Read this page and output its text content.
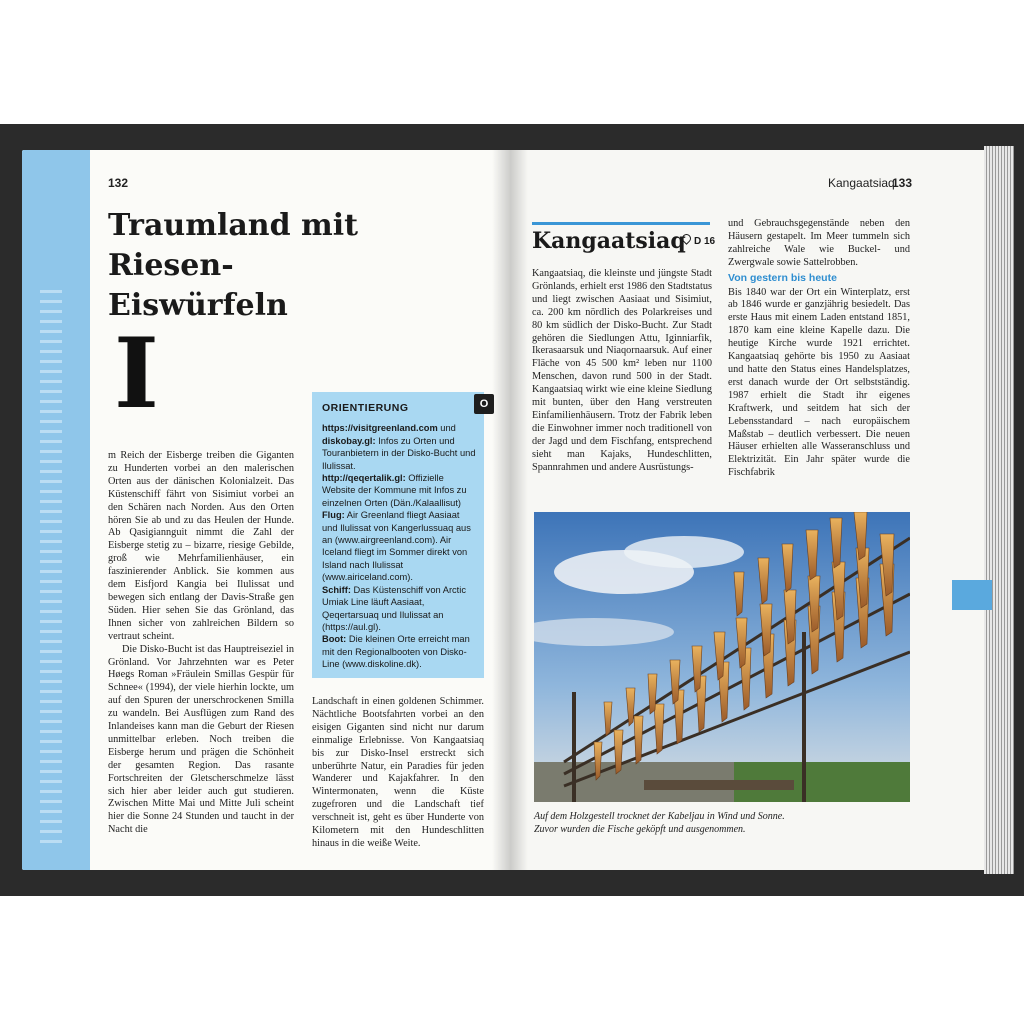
132
Traumland mit Riesen-
Eiswürfeln
I

m Reich der Eisberge treiben die Giganten zu Hunderten vorbei an den malerischen Orten aus der dänischen Kolonialzeit. Das Küstenschiff fährt von Sisimiut vorbei an den Schären nach Norden. Aus den Orten hören Sie ab und zu das Heulen der Hunde. Ab Qasigiannguit nimmt die Zahl der Eisberge stetig zu – bizarre, riesige Gebilde, groß wie Mehrfamilienhäuser, ein faszinierender Anblick. Sie kommen aus dem Eisfjord Kangia bei Ilulissat und bewegen sich entlang der Davis-Straße gen Süden. Hier sehen Sie das Grönland, das Ihnen sicher von zahlreichen Bildern so vertraut scheint.

Die Disko-Bucht ist das Hauptreiseziel in Grönland. Vor Jahrzehnten war es Peter Høegs Roman »Fräulein Smillas Gespür für Schnee« (1994), der viele hierhin lockte, um auf den Spuren der unerschrockenen Smilla zu wandeln. Bei Ausflügen zum Rand des Inlandeises kann man die Geburt der Riesen unmittelbar erleben. Noch treiben die Eisberge herum und prägen die Schönheit der gesamten Region. Das rasante Fortschreiten der Gletscherschmelze lässt sich hier aber leider auch gut studieren. Zwischen Mitte Mai und Mitte Juli scheint hier die Sonne 24 Stunden und taucht in der Nacht die

O
ORIENTIERUNG

https://visitgreenland.com und diskobay.gl: Infos zu Orten und Touranbietern in der Disko-Bucht und Ilulissat.

http://qeqertalik.gl: Offizielle Website der Kommune mit Infos zu einzelnen Orten (Dän./Kalaallisut)

Flug: Air Greenland fliegt Aasiaat und Ilulissat von Kangerlussuaq aus an (www.airgreenland.com). Air Iceland fliegt im Sommer direkt von Island nach Ilulissat (www.airiceland.com).

Schiff: Das Küstenschiff von Arctic Umiak Line läuft Aasiaat, Qeqertarsuaq und Ilulissat an (https://aul.gl).

Boot: Die kleinen Orte erreicht man mit den Regionalbooten von Disko-Line (www.diskoline.dk).

Landschaft in einen goldenen Schimmer. Nächtliche Bootsfahrten vorbei an den eisigen Giganten sind nicht nur darum einmalige Erlebnisse. Von Kangaatsiaq bis zur Disko-Insel erstreckt sich unberührte Natur, ein Paradies für jeden Wanderer und Kajakfahrer. In den Wintermonaten, wenn die Küste zugefroren und die Landschaft tief verschneit ist, geht es über Hunderte von Kilometern mit den Hundeschlitten hinaus in die weiße Weite.

Kangaatsiaq
133
Kangaatsiaq D 16

Kangaatsiaq, die kleinste und jüngste Stadt Grönlands, erhielt erst 1986 den Stadtstatus und liegt zwischen Aasiaat und Sisimiut, ca. 200 km nördlich des Polarkreises und 80 km südlich der Disko-Bucht. Zur Stadt gehören die Siedlungen Attu, Iginniarfik, Ikerasaarsuk und Niaqornaarsuk. Auf einer Fläche von 45 500 km² leben nur 1100 Menschen, davon rund 500 in der Stadt. Kangaatsiaq wirkt wie eine kleine Siedlung mit bunten, über den Hang verstreuten Einfamilienhäusern. Trotz der Fabrik leben die Einwohner immer noch traditionell von der Jagd und dem Fischfang, entsprechend sieht man Kajaks, Hundeschlitten, Spannrahmen und andere Ausrüstungs-

und Gebrauchsgegenstände neben den Häusern gestapelt. Im Meer tummeln sich zahlreiche Wale wie Buckel- und Zwergwale sowie Sattelrobben.

Von gestern bis heute

Bis 1840 war der Ort ein Winterplatz, erst ab 1846 wurde er ganzjährig besiedelt. Das erste Haus mit einem Laden entstand 1851, 1870 kam eine kleine Kapelle dazu. Die heutige Kirche wurde 1921 errichtet. Kangaatsiaq gehörte bis 1950 zu Aasiaat und hatte den Status eines Handelsplatzes, erst danach wurde der Ort selbstständig. 1987 erhielt die Stadt ihr eigenes Kraftwerk, und seitdem hat sich der Lebensstandard – nach europäischem Maßstab – deutlich verbessert. Die neuen Häuser erhielten alle Wasseranschluss und Elektrizität. Ein Jahr später wurde die Fischfabrik

Auf dem Holzgestell trocknet der Kabeljau in Wind und Sonne.
Zuvor wurden die Fische geköpft und ausgenommen.
